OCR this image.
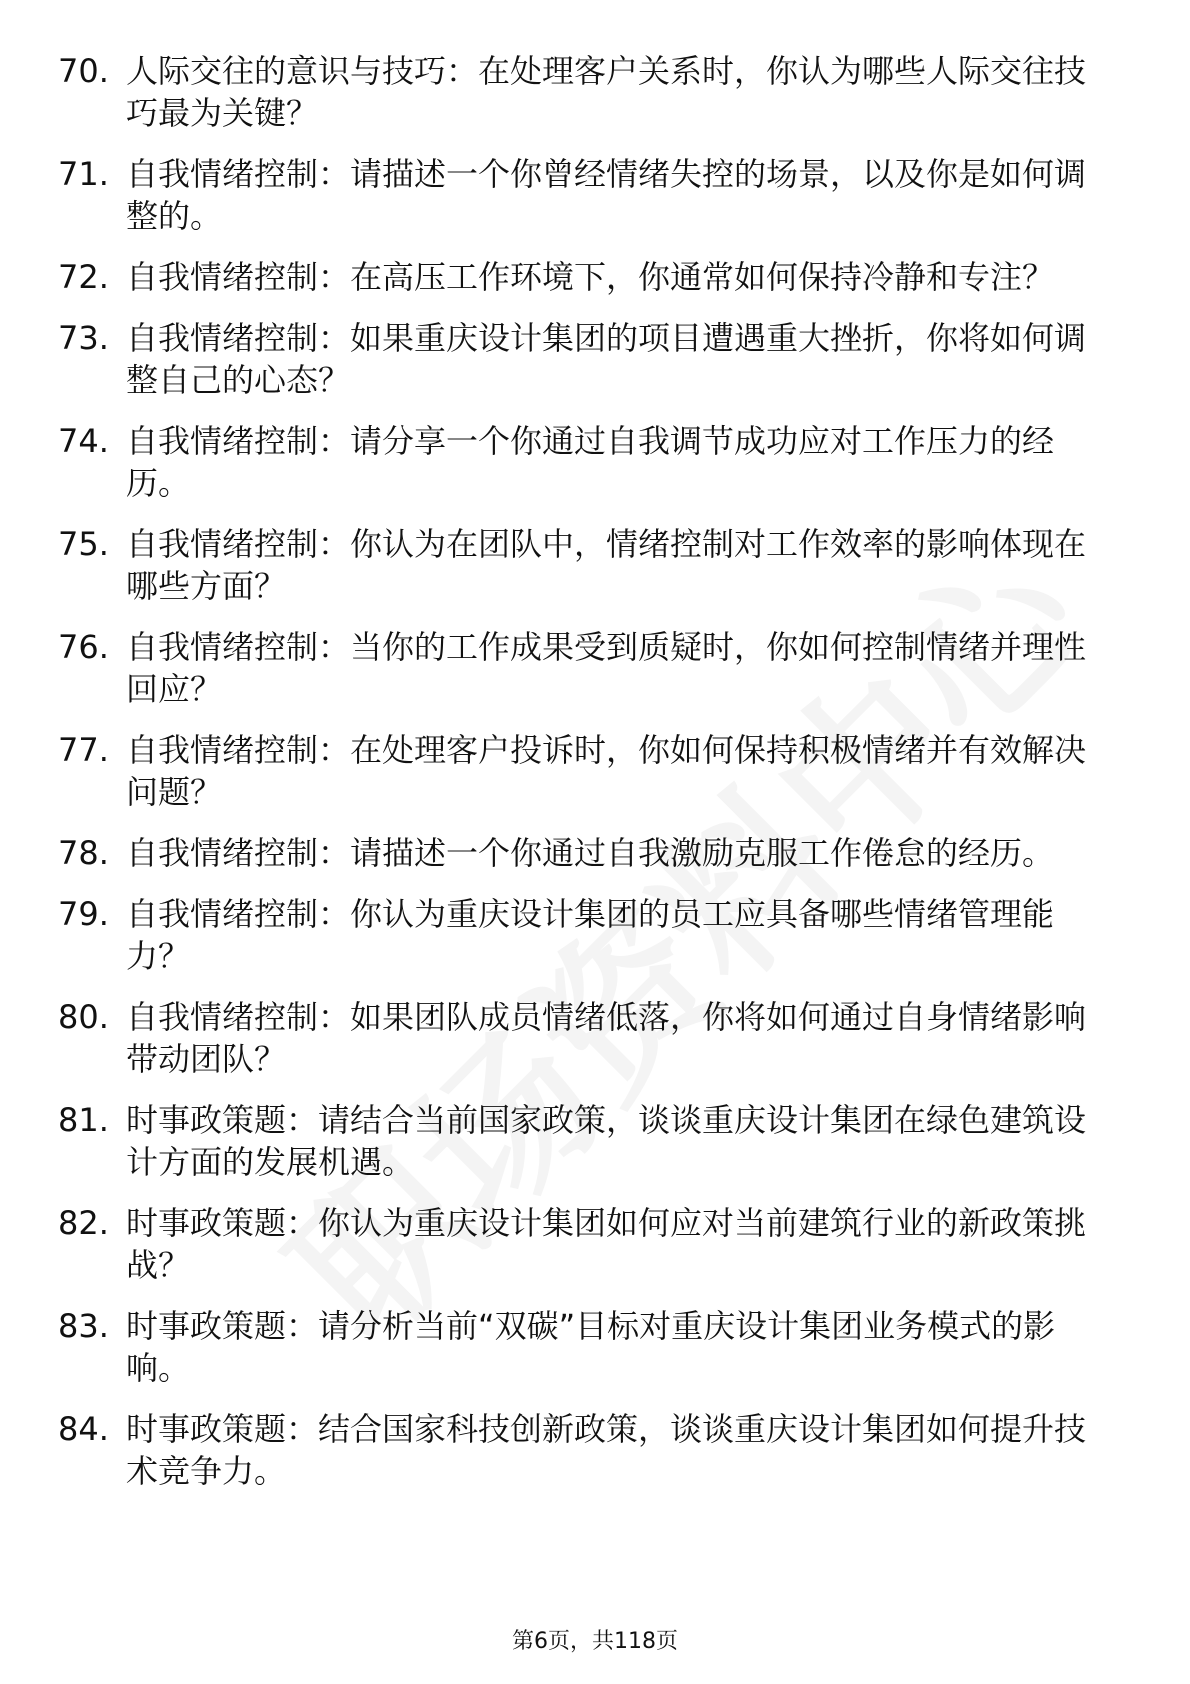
70. 人际交往的意识与技巧：在处理客户关系时，你认为哪些人际交往技巧最为关键？
71. 自我情绪控制：请描述一个你曾经情绪失控的场景，以及你是如何调整的。
72. 自我情绪控制：在高压工作环境下，你通常如何保持冷静和专注？
73. 自我情绪控制：如果重庆设计集团的项目遭遇重大挫折，你将如何调整自己的心态？
74. 自我情绪控制：请分享一个你通过自我调节成功应对工作压力的经历。
75. 自我情绪控制：你认为在团队中，情绪控制对工作效率的影响体现在哪些方面？
76. 自我情绪控制：当你的工作成果受到质疑时，你如何控制情绪并理性回应？
77. 自我情绪控制：在处理客户投诉时，你如何保持积极情绪并有效解决问题？
78. 自我情绪控制：请描述一个你通过自我激励克服工作倦怠的经历。
79. 自我情绪控制：你认为重庆设计集团的员工应具备哪些情绪管理能力？
80. 自我情绪控制：如果团队成员情绪低落，你将如何通过自身情绪影响带动团队？
81. 时事政策题：请结合当前国家政策，谈谈重庆设计集团在绿色建筑设计方面的发展机遇。
82. 时事政策题：你认为重庆设计集团如何应对当前建筑行业的新政策挑战？
83. 时事政策题：请分析当前“双碳”目标对重庆设计集团业务模式的影响。
84. 时事政策题：结合国家科技创新政策，谈谈重庆设计集团如何提升技术竞争力。
第6页，共118页
